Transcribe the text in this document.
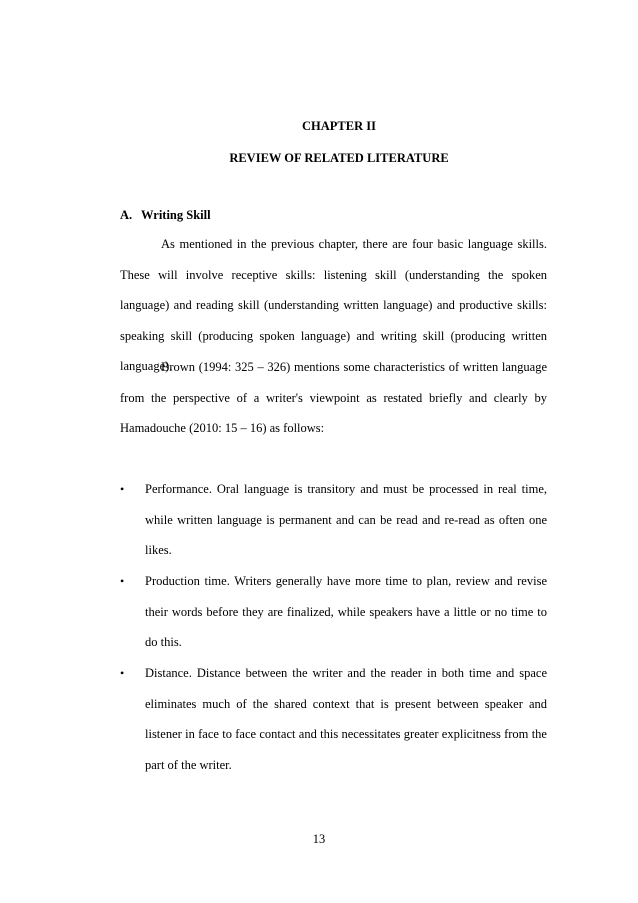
CHAPTER II
REVIEW OF RELATED LITERATURE
A. Writing Skill
As mentioned in the previous chapter, there are four basic language skills. These will involve receptive skills: listening skill (understanding the spoken language) and reading skill (understanding written language) and productive skills: speaking skill (producing spoken language) and writing skill (producing written language).
Brown (1994: 325 – 326) mentions some characteristics of written language from the perspective of a writer's viewpoint as restated briefly and clearly by Hamadouche (2010: 15 – 16) as follows:
•	Performance. Oral language is transitory and must be processed in real time, while written language is permanent and can be read and re-read as often one likes.
•	Production time. Writers generally have more time to plan, review and revise their words before they are finalized, while speakers have a little or no time to do this.
•	Distance. Distance between the writer and the reader in both time and space eliminates much of the shared context that is present between speaker and listener in face to face contact and this necessitates greater explicitness from the part of the writer.
13
